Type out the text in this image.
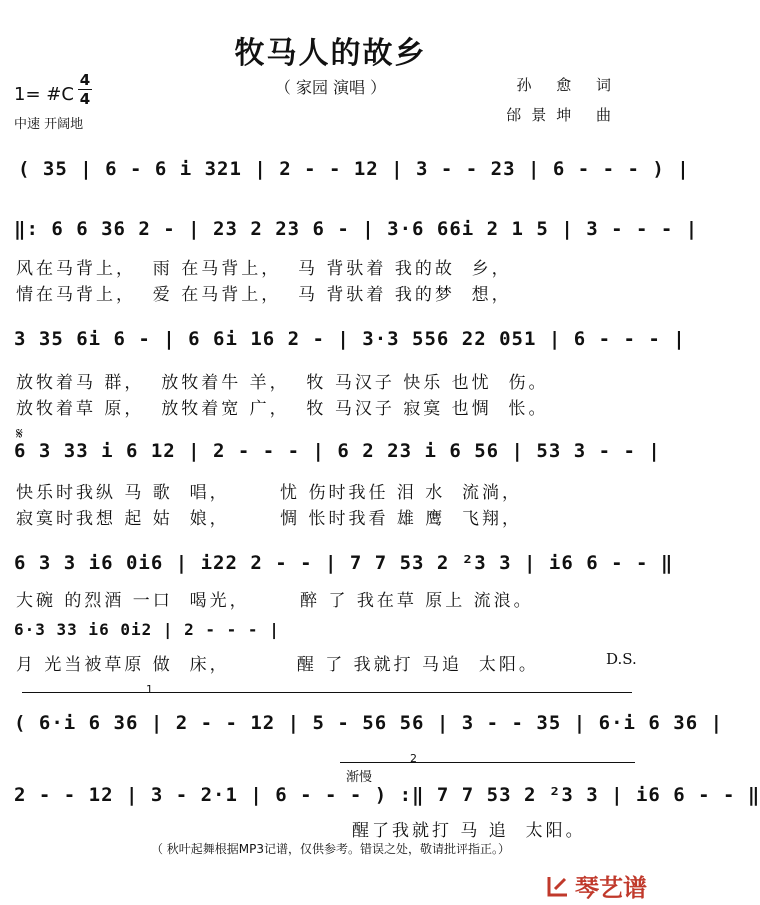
牧马人的故乡
（ 家园 演唱 ）
1= #C
4
4
中速 开阔地
孙 愈 词
邰景坤 曲
( 35 | 6 - 6 i 321 | 2 - - 12 | 3 - - 23 | 6 - - - ) |
‖: 6 6 36 2 - | 23 2 23 6 - | 3·6 66i 2 1 5 | 3 - - - |
风在马背上，  雨 在马背上，  马 背驮着 我的故  乡，
情在马背上，  爱 在马背上，  马 背驮着 我的梦  想，
3 35 6i 6 - | 6 6i 16 2 - | 3·3 556 22 051 | 6 - - - |
放牧着马 群，  放牧着牛 羊，  牧 马汉子 快乐 也忧  伤。
放牧着草 原，  放牧着宽 广，  牧 马汉子 寂寞 也惆  怅。
𝄋
6 3 33 i 6 12 | 2 - - - | 6 2 23 i 6 56 | 53 3 - - |
快乐时我纵 马 歌  唱，      忧 伤时我任 泪 水  流淌，
寂寞时我想 起 姑  娘，      惆 怅时我看 雄 鹰  飞翔，
6 3 3 i6 0i6 | i22 2 - - | 7 7 53 2 ²3 3 | i6 6 - - ‖
大碗 的烈酒 一口  喝光，      醉 了 我在草 原上 流浪。
6·3 33 i6 0i2 | 2 - - - |
月 光当被草原 做  床，        醒 了 我就打 马追  太阳。	D.S.
1
( 6·i 6 36 | 2 - - 12 | 5 - 56 56 | 3 - - 35 | 6·i 6 36 |
2
渐慢
2 - - 12 | 3 - 2·1 | 6 - - - ) :‖ 7 7 53 2 ²3 3 | i6 6 - - ‖
醒了我就打 马 追  太阳。
（ 秋叶起舞根据MP3记谱，仅供参考。错误之处，敬请批评指正。）
琴艺谱
